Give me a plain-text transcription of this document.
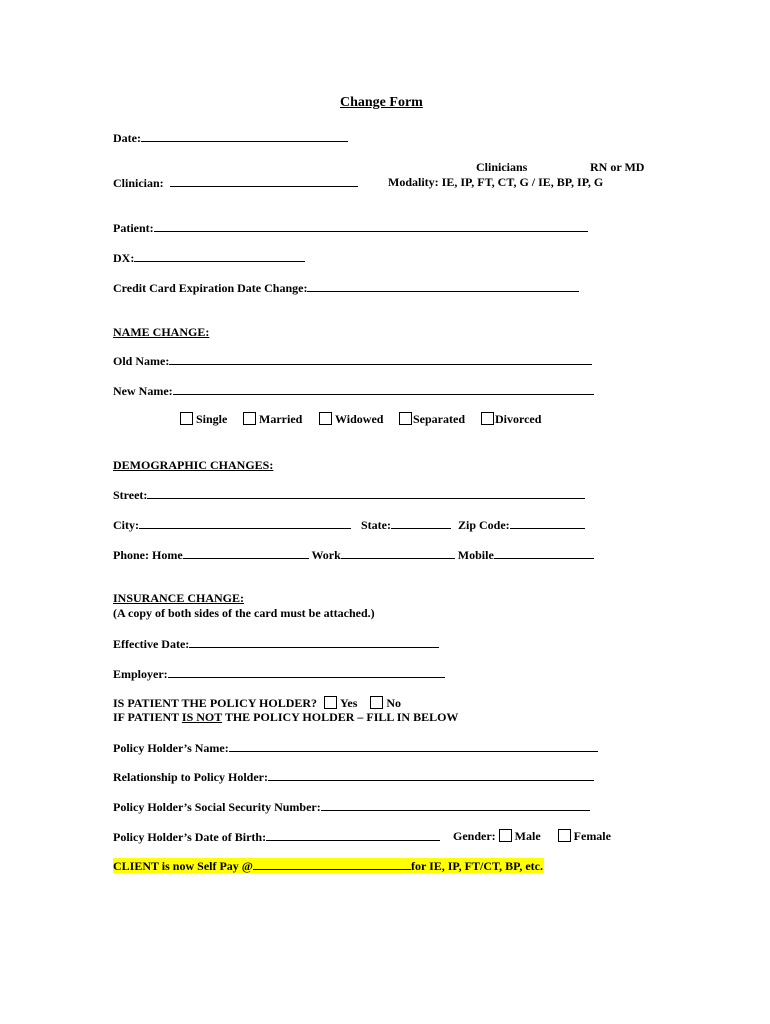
Change Form
Date:
Clinicians	RN or MD
Clinician:	Modality: IE, IP, FT, CT, G / IE, BP, IP, G
Patient:
DX:
Credit Card Expiration Date Change:
NAME CHANGE:
Old Name:
New Name:
Single	Married	Widowed	Separated	Divorced
DEMOGRAPHIC CHANGES:
Street:
City:	State:	Zip Code:
Phone: Home	Work	Mobile
INSURANCE CHANGE:
(A copy of both sides of the card must be attached.)
Effective Date:
Employer:
IS PATIENT THE POLICY HOLDER? Yes No
IF PATIENT IS NOT THE POLICY HOLDER – FILL IN BELOW
Policy Holder’s Name:
Relationship to Policy Holder:
Policy Holder’s Social Security Number:
Policy Holder’s Date of Birth:	Gender: Male	Female
CLIENT is now Self Pay @	for IE, IP, FT/CT, BP, etc.
